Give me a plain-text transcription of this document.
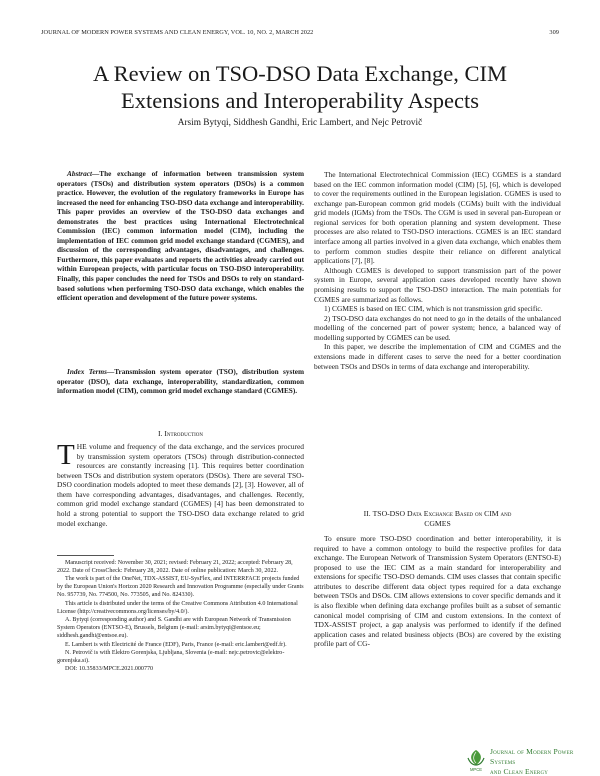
JOURNAL OF MODERN POWER SYSTEMS AND CLEAN ENERGY, VOL. 10, NO. 2, MARCH 2022	309
A Review on TSO-DSO Data Exchange, CIM
Extensions and Interoperability Aspects
Arsim Bytyqi, Siddhesh Gandhi, Eric Lambert, and Nejc Petrovič
Abstract—The exchange of information between transmission system operators (TSOs) and distribution system operators (DSOs) is a common practice. However, the evolution of the regulatory frameworks in Europe has increased the need for enhancing TSO-DSO data exchange and interoperability. This paper provides an overview of the TSO-DSO data exchanges and demonstrates the best practices using International Electrotechnical Commission (IEC) common information model (CIM), including the implementation of IEC common grid model exchange standard (CGMES), and discussion of the corresponding advantages, disadvantages, and challenges. Furthermore, this paper evaluates and reports the activities already carried out within European projects, with particular focus on TSO-DSO interoperability. Finally, this paper concludes the need for TSOs and DSOs to rely on standard-based solutions when performing TSO-DSO data exchange, which enables the efficient operation and development of the future power systems.
Index Terms—Transmission system operator (TSO), distribution system operator (DSO), data exchange, interoperability, standardization, common information model (CIM), common grid model exchange standard (CGMES).
I. Introduction
THE volume and frequency of the data exchange, and the services procured by transmission system operators (TSOs) through distribution-connected resources are constantly increasing [1]. This requires better coordination between TSOs and distribution system operators (DSOs). There are several TSO-DSO coordination models adopted to meet these demands [2], [3]. However, all of them have corresponding advantages, disadvantages, and challenges. Recently, common grid model exchange standard (CGMES) [4] has been demonstrated to hold a strong potential to support the TSO-DSO data exchange related to grid model exchange.

Manuscript received: November 30, 2021; revised: February 21, 2022; accepted: February 28, 2022. Date of CrossCheck: February 28, 2022. Date of online publication: March 30, 2022.

The work is part of the OneNet, TDX-ASSIST, EU-SysFlex, and INTERRFACE projects funded by the European Union's Horizon 2020 Research and Innovation Programme (especially under Grants No. 957739, No. 774500, No. 773505, and No. 824330).

This article is distributed under the terms of the Creative Commons Attribution 4.0 International License (http://creativecommons.org/licenses/by/4.0/).

A. Bytyqi (corresponding author) and S. Gandhi are with European Network of Transmission System Operators (ENTSO-E), Brussels, Belgium (e-mail: arsim.bytyqi@entsoe.eu; siddhesh.gandhi@entsoe.eu).

E. Lambert is with Electricité de France (EDF), Paris, France (e-mail: eric.lambert@edf.fr).

N. Petrovič is with Elektro Gorenjska, Ljubljana, Slovenia (e-mail: nejc.petrovic@elektro-gorenjska.si).

DOI: 10.35833/MPCE.2021.000770

The International Electrotechnical Commission (IEC) CGMES is a standard based on the IEC common information model (CIM) [5], [6], which is developed to cover the requirements outlined in the European legislation. CGMES is used to exchange pan-European common grid models (CGMs) built with the individual grid models (IGMs) from the TSOs. The CGM is used in several pan-European or regional services for both operation planning and system development. These processes are also related to TSO-DSO interactions. CGMES is an IEC standard interface among all parties involved in a given data exchange, which enables them to perform common studies despite their reliance on different analytical applications [7], [8].

Although CGMES is developed to support transmission part of the power system in Europe, several application cases developed recently have shown promising results to support the TSO-DSO interaction. The main potentials for CGMES are summarized as follows.

1) CGMES is based on IEC CIM, which is not transmission grid specific.

2) TSO-DSO data exchanges do not need to go in the details of the unbalanced modelling of the concerned part of power system; hence, a balanced way of modelling supported by CGMES can be used.

In this paper, we describe the implementation of CIM and CGMES and the extensions made in different cases to serve the need for a better coordination between TSOs and DSOs in terms of data exchange and interoperability.

II. TSO-DSO Data Exchange Based on CIM and
CGMES

To ensure more TSO-DSO coordination and better interoperability, it is required to have a common ontology to build the respective profiles for data exchange. The European Network of Transmission System Operators (ENTSO-E) proposed to use the IEC CIM as a main standard for interoperability and extensions for specific TSO-DSO demands. CIM uses classes that contain specific attributes to describe different data object types required for a data exchange between TSOs and DSOs. CIM allows extensions to cover specific demands and it is also flexible when defining data exchange profiles built as a subset of semantic canonical model comprising of CIM and custom extensions. In the context of TDX-ASSIST project, a gap analysis was performed to identify if the defined application cases and related business objects (BOs) are covered by the existing profile part of CG-

MPCE
Journal of Modern Power Systems
and Clean Energy
